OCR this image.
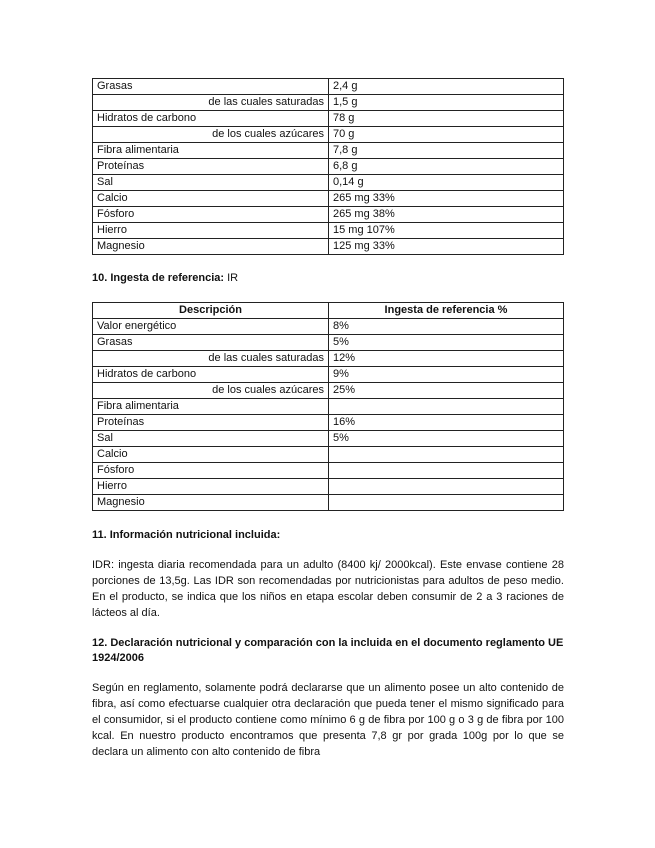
Grasas	2,4 g
de las cuales saturadas	1,5 g
Hidratos de carbono	78 g
de los cuales azúcares	70 g
Fibra alimentaria	7,8 g
Proteínas	6,8 g
Sal	0,14 g
Calcio	265 mg 33%
Fósforo	265 mg 38%
Hierro	15 mg 107%
Magnesio	125 mg 33%

10. Ingesta de referencia: IR

Descripción	Ingesta de referencia %
Valor energético	8%
Grasas	5%
de las cuales saturadas	12%
Hidratos de carbono	9%
de los cuales azúcares	25%
Fibra alimentaria	
Proteínas	16%
Sal	5%
Calcio	
Fósforo	
Hierro	
Magnesio	

11. Información nutricional incluida:

IDR: ingesta diaria recomendada para un adulto (8400 kj/ 2000kcal). Este envase contiene 28 porciones de 13,5g. Las IDR son recomendadas por nutricionistas para adultos de peso medio. En el producto, se indica que los niños en etapa escolar deben consumir de 2 a 3 raciones de lácteos al día.

12. Declaración nutricional y comparación con la incluida en el documento reglamento UE 1924/2006

Según en reglamento, solamente podrá declararse que un alimento posee un alto contenido de fibra, así como efectuarse cualquier otra declaración que pueda tener el mismo significado para el consumidor, si el producto contiene como mínimo 6 g de fibra por 100 g o 3 g de fibra por 100 kcal. En nuestro producto encontramos que presenta 7,8 gr por grada 100g por lo que se declara un alimento con alto contenido de fibra
